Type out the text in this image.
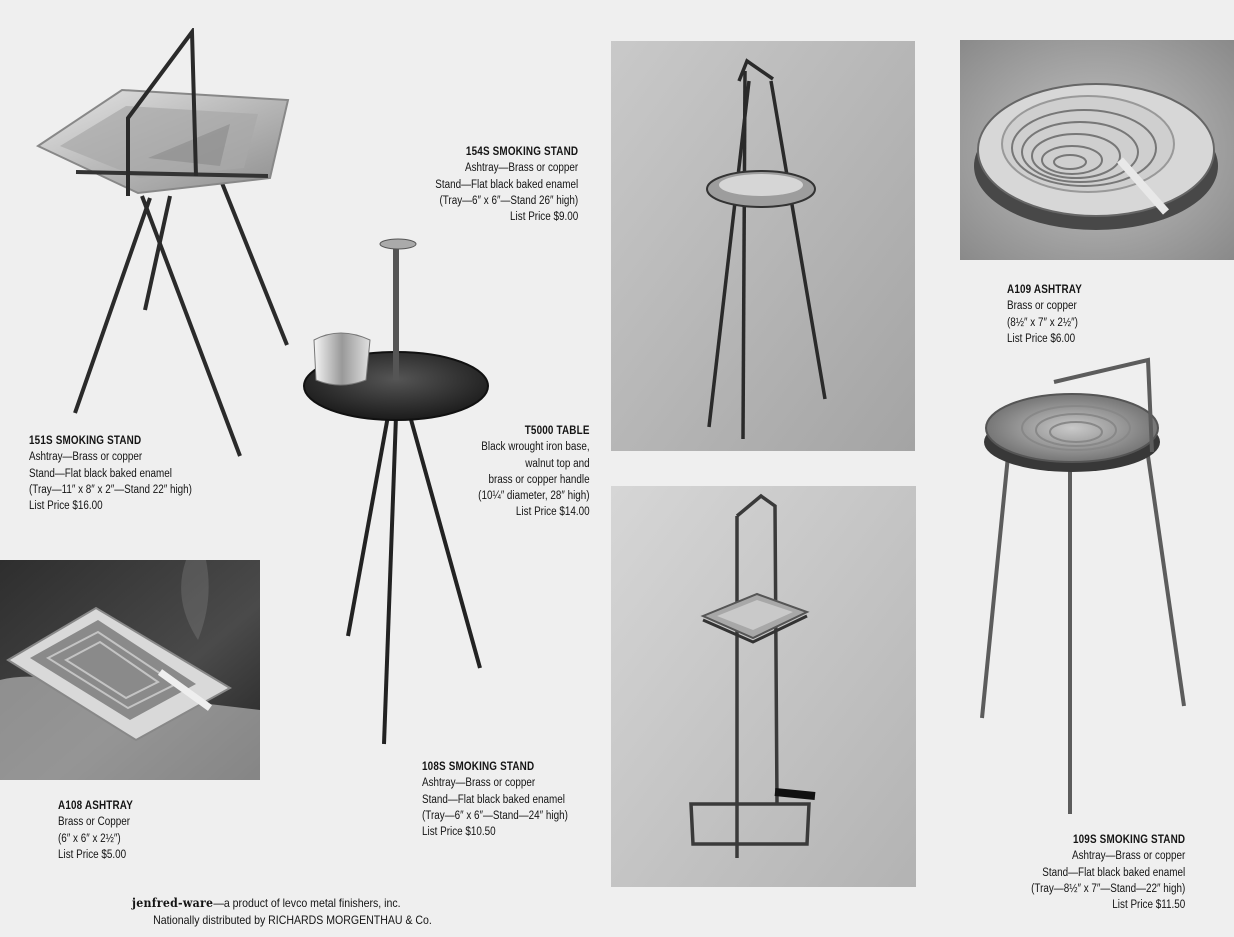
151S SMOKING STAND
Ashtray—Brass or copper
Stand—Flat black baked enamel
(Tray—11″ x 8″ x 2″—Stand 22″ high)
List Price $16.00
154S SMOKING STAND
Ashtray—Brass or copper
Stand—Flat black baked enamel
(Tray—6″ x 6″—Stand 26″ high)
List Price $9.00
A109 ASHTRAY
Brass or copper
(8½″ x 7″ x 2½″)
List Price $6.00
T5000 TABLE
Black wrought iron base,
walnut top and
brass or copper handle
(10¼″ diameter, 28″ high)
List Price $14.00
A108 ASHTRAY
Brass or Copper
(6″ x 6″ x 2½″)
List Price $5.00
108S SMOKING STAND
Ashtray—Brass or copper
Stand—Flat black baked enamel
(Tray—6″ x 6″—Stand—24″ high)
List Price $10.50
109S SMOKING STAND
Ashtray—Brass or copper
Stand—Flat black baked enamel
(Tray—8½″ x 7″—Stand—22″ high)
List Price $11.50
jenfred-ware—a product of levco metal finishers, inc.
Nationally distributed by RICHARDS MORGENTHAU & Co.
